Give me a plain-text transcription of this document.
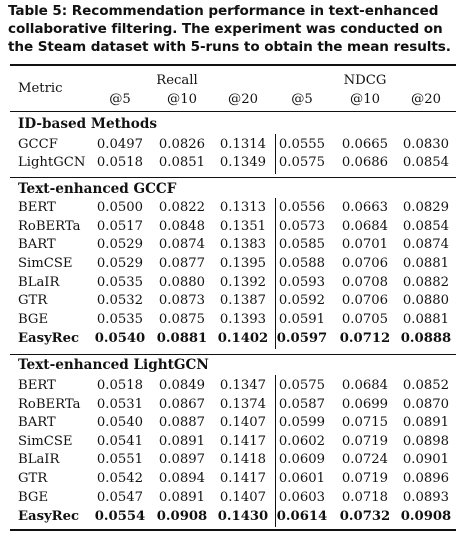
Table 5: Recommendation performance in text-enhanced collaborative filtering. The experiment was conducted on the Steam dataset with 5-runs to obtain the mean results.
Metric
Recall	NDCG
@5	@10	@20	@5	@10	@20
ID-based Methods
GCCF	0.0497	0.0826	0.1314 0.0555	0.0665	0.0830
LightGCN 0.0518	0.0851	0.1349 0.0575	0.0686	0.0854
Text-enhanced GCCF
BERT	0.0500	0.0822	0.1313 0.0556	0.0663	0.0829
RoBERTa	0.0517	0.0848	0.1351 0.0573	0.0684	0.0854
BART	0.0529	0.0874	0.1383 0.0585	0.0701	0.0874
SimCSE	0.0529	0.0877	0.1395 0.0588	0.0706	0.0881
BLaIR	0.0535	0.0880	0.1392 0.0593	0.0708	0.0882
GTR	0.0532	0.0873	0.1387 0.0592	0.0706	0.0880
BGE	0.0535	0.0875	0.1393 0.0591	0.0705	0.0881
EasyRec	0.0540 0.0881 0.1402 0.0597 0.0712 0.0888
Text-enhanced LightGCN
BERT	0.0518	0.0849	0.1347 0.0575	0.0684	0.0852
RoBERTa	0.0531	0.0867	0.1374 0.0587	0.0699	0.0870
BART	0.0540	0.0887	0.1407 0.0599	0.0715	0.0891
SimCSE	0.0541	0.0891	0.1417 0.0602	0.0719	0.0898
BLaIR	0.0551	0.0897	0.1418 0.0609	0.0724	0.0901
GTR	0.0542	0.0894	0.1417 0.0601	0.0719	0.0896
BGE	0.0547	0.0891	0.1407 0.0603	0.0718	0.0893
EasyRec	0.0554 0.0908 0.1430 0.0614 0.0732 0.0908
